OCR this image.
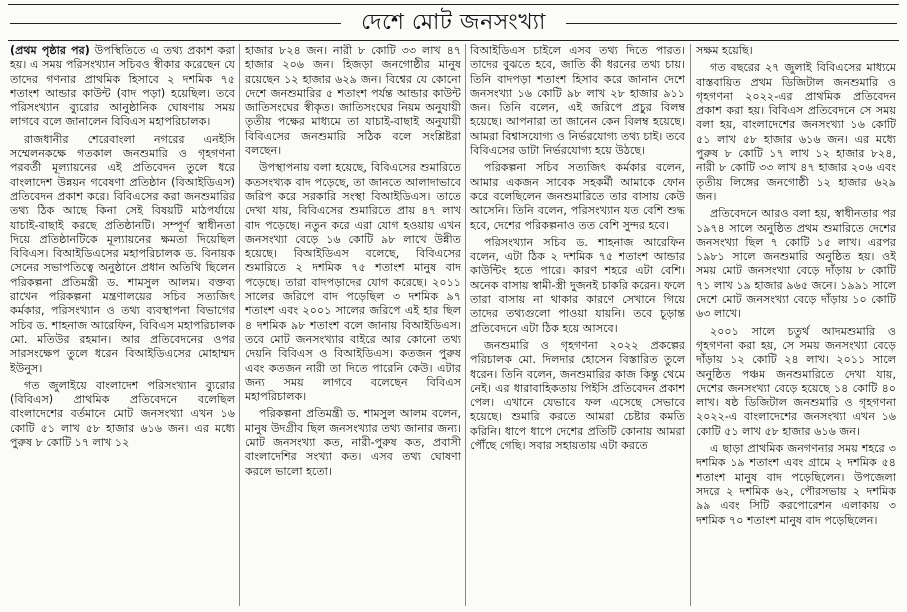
দেশে মোট জনসংখ্যা

(প্রথম পৃষ্ঠার পর) উপস্থিতিতে এ তথ্য প্রকাশ করা হয়। এ সময় পরিসংখ্যান সচিবও স্বীকার করেছেন যে তাদের গণনার প্রাথমিক হিসাবে ২ দশমিক ৭৫ শতাংশ আন্ডার কাউন্ট (বাদ পড়া) হয়েছিল। তবে পরিসংখ্যান ব্যুরোর আনুষ্ঠানিক ঘোষণায় সময় লাগবে বলে জানালেন বিবিএস মহাপরিচালক।

রাজধানীর শেরেবাংলা নগরের এনইসি সম্মেলনকক্ষে গতকাল জনশুমারি ও গৃহগণনা পরবর্তী মূল্যায়নের এই প্রতিবেদন তুলে ধরে বাংলাদেশ উন্নয়ন গবেষণা প্রতিষ্ঠান (বিআইডিএস) প্রতিবেদন প্রকাশ করে। বিবিএসের করা জনশুমারির তথ্য ঠিক আছে কিনা সেই বিষয়টি মাঠপর্যায়ে যাচাই-বাছাই করছে প্রতিষ্ঠানটি। সম্পূর্ণ স্বাধীনতা দিয়ে প্রতিষ্ঠানটিকে মূল্যায়নের ক্ষমতা দিয়েছিল বিবিএস। বিআইডিএসের মহাপরিচালক ড. বিনায়ক সেনের সভাপতিত্বে অনুষ্ঠানে প্রধান অতিথি ছিলেন পরিকল্পনা প্রতিমন্ত্রী ড. শামসুল আলম। বক্তব্য রাখেন পরিকল্পনা মন্ত্রণালয়ের সচিব সত্যজিৎ কর্মকার, পরিসংখ্যান ও তথ্য ব্যবস্থাপনা বিভাগের সচিব ড. শাহনাজ আরেফিন, বিবিএস মহাপরিচালক মো. মতিউর রহমান। আর প্রতিবেদনের ওপর সারসংক্ষেপ তুলে ধরেন বিআইডিএসের মোহাম্মদ ইউনুস।

গত জুলাইয়ে বাংলাদেশ পরিসংখ্যান ব্যুরোর (বিবিএস) প্রাথমিক প্রতিবেদনে বলেছিল বাংলাদেশের বর্তমানে মোট জনসংখ্যা এখন ১৬ কোটি ৫১ লাখ ৫৮ হাজার ৬১৬ জন। এর মধ্যে পুরুষ ৮ কোটি ১৭ লাখ ১২

হাজার ৮২৪ জন। নারী ৮ কোটি ৩৩ লাখ ৪৭ হাজার ২০৬ জন। হিজড়া জনগোষ্ঠীর মানুষ রয়েছেন ১২ হাজার ৬২৯ জন। বিশ্বের যে কোনো দেশে জনশুমারির ৫ শতাংশ পর্যন্ত আন্ডার কাউন্ট জাতিসংঘের স্বীকৃত। জাতিসংঘের নিয়ম অনুযায়ী তৃতীয় পক্ষের মাধ্যমে তা যাচাই-বাছাই অনুযায়ী বিবিএসের জনশুমারি সঠিক বলে সংশ্লিষ্টরা বলছেন।

উপস্থাপনায় বলা হয়েছে, বিবিএসের শুমারিতে কতসংখ্যক বাদ পড়েছে, তা জানতে আলাদাভাবে জরিপ করে সরকারি সংস্থা বিআইডিএস। তাতে দেখা যায়, বিবিএসের শুমারিতে প্রায় ৪৭ লাখ বাদ পড়েছে। নতুন করে এরা যোগ হওয়ায় এখন জনসংখ্যা বেড়ে ১৬ কোটি ৯৮ লাখে উন্নীত হয়েছে। বিআইডিএস বলেছে, বিবিএসের শুমারিতে ২ দশমিক ৭৫ শতাংশ মানুষ বাদ পড়েছে। তারা বাদপড়াদের যোগ করেছে। ২০১১ সালের জরিপে বাদ পড়েছিল ৩ দশমিক ৯৭ শতাংশ এবং ২০০১ সালের জরিপে এই হার ছিল ৪ দশমিক ৯৮ শতাংশ বলে জানায় বিআইডিএস। তবে মোট জনসংখ্যার বাইরে আর কোনো তথ্য দেয়নি বিবিএস ও বিআইডিএস। কতজন পুরুষ এবং কতজন নারী তা দিতে পারেনি কেউ। এটার জন্য সময় লাগবে বলেছেন বিবিএস মহাপরিচালক।

পরিকল্পনা প্রতিমন্ত্রী ড. শামসুল আলম বলেন, মানুষ উদগ্রীব ছিল জনসংখ্যার তথ্য জানার জন্য। মোট জনসংখ্যা কত, নারী-পুরুষ কত, প্রবাসী বাংলাদেশির সংখ্যা কত। এসব তথ্য ঘোষণা করলে ভালো হতো।

বিআইডিএস চাইলে এসব তথ্য দিতে পারত। তাদের বুঝতে হবে, জাতি কী ধরনের তথ্য চায়। তিনি বাদপড়া শতাংশ হিসাব করে জানান দেশে জনসংখ্যা ১৬ কোটি ৯৮ লাখ ২৮ হাজার ৯১১ জন। তিনি বলেন, এই জরিপে প্রচুর বিলম্ব হয়েছে। আপনারা তা জানেন কেন বিলম্ব হয়েছে। আমরা বিশ্বাসযোগ্য ও নির্ভরযোগ্য তথ্য চাই। তবে বিবিএসের ডাটা নির্ভরযোগ্য হয়ে উঠছে।

পরিকল্পনা সচিব সত্যজিৎ কর্মকার বলেন, আমার একজন সাবেক সহকর্মী আমাকে ফোন করে বলেছিলেন জনশুমারিতে তার বাসায় কেউ আসেনি। তিনি বলেন, পরিসংখ্যান যত বেশি শুদ্ধ হবে, দেশের পরিকল্পনাও তত বেশি সুন্দর হবে।

পরিসংখ্যান সচিব ড. শাহনাজ আরেফিন বলেন, এটা ঠিক ২ দশমিক ৭৫ শতাংশ আন্ডার কাউন্টিং হতে পারে। কারণ শহরে এটা বেশি। অনেক বাসায় স্বামী-স্ত্রী দুজনই চাকরি করেন। ফলে তারা বাসায় না থাকার কারণে সেখানে গিয়ে তাদের তথ্যগুলো পাওয়া যায়নি। তবে চূড়ান্ত প্রতিবেদনে এটা ঠিক হয়ে আসবে।

জনশুমারি ও গৃহগণনা ২০২২ প্রকল্পের পরিচালক মো. দিলদার হোসেন বিস্তারিত তুলে ধরেন। তিনি বলেন, জনশুমারির কাজ কিন্তু থেমে নেই। এর ধারাবাহিকতায় পিইসি প্রতিবেদন প্রকাশ পেল। এখানে যেভাবে ফল এসেছে সেভাবে হয়েছে। শুমারি করতে আমরা চেষ্টার কমতি করিনি। ধাপে ধাপে দেশের প্রতিটি কোনায় আমরা পৌঁছে গেছি। সবার সহায়তায় এটা করতে

সক্ষম হয়েছি।

গত বছরের ২৭ জুলাই বিবিএসের মাধ্যমে বাস্তবায়িত প্রথম ডিজিটাল জনশুমারি ও গৃহগণনা ২০২২-এর প্রাথমিক প্রতিবেদন প্রকাশ করা হয়। বিবিএস প্রতিবেদনে সে সময় বলা হয়, বাংলাদেশের জনসংখ্যা ১৬ কোটি ৫১ লাখ ৫৮ হাজার ৬১৬ জন। এর মধ্যে পুরুষ ৮ কোটি ১৭ লাখ ১২ হাজার ৮২৪, নারী ৮ কোটি ৩৩ লাখ ৪৭ হাজার ২০৬ এবং তৃতীয় লিঙ্গের জনগোষ্ঠী ১২ হাজার ৬২৯ জন।

প্রতিবেদনে আরও বলা হয়, স্বাধীনতার পর ১৯৭৪ সালে অনুষ্ঠিত প্রথম শুমারিতে দেশের জনসংখ্যা ছিল ৭ কোটি ১৫ লাখ। এরপর ১৯৮১ সালে জনশুমারি অনুষ্ঠিত হয়। ওই সময় মোট জনসংখ্যা বেড়ে দাঁড়ায় ৮ কোটি ৭১ লাখ ১৯ হাজার ৯৬৫ জনে। ১৯৯১ সালে দেশে মোট জনসংখ্যা বেড়ে দাঁড়ায় ১০ কোটি ৬৩ লাখে।

২০০১ সালে চতুর্থ আদমশুমারি ও গৃহগণনা করা হয়, সে সময় জনসংখ্যা বেড়ে দাঁড়ায় ১২ কোটি ২৪ লাখ। ২০১১ সালে অনুষ্ঠিত পঞ্চম জনশুমারিতে দেখা যায়, দেশের জনসংখ্যা বেড়ে হয়েছে ১৪ কোটি ৪০ লাখ। ষষ্ঠ ডিজিটাল জনশুমারি ও গৃহগণনা ২০২২-এ বাংলাদেশের জনসংখ্যা এখন ১৬ কোটি ৫১ লাখ ৫৮ হাজার ৬১৬ জন।

এ ছাড়া প্রাথমিক জনগণনার সময় শহরে ৩ দশমিক ১৯ শতাংশ এবং গ্রামে ২ দশমিক ৫৪ শতাংশ মানুষ বাদ পড়েছিলেন। উপজেলা সদরে ২ দশমিক ৬২, পৌরসভায় ২ দশমিক ৯৯ এবং সিটি করপোরেশন এলাকায় ৩ দশমিক ৭০ শতাংশ মানুষ বাদ পড়েছিলেন।
